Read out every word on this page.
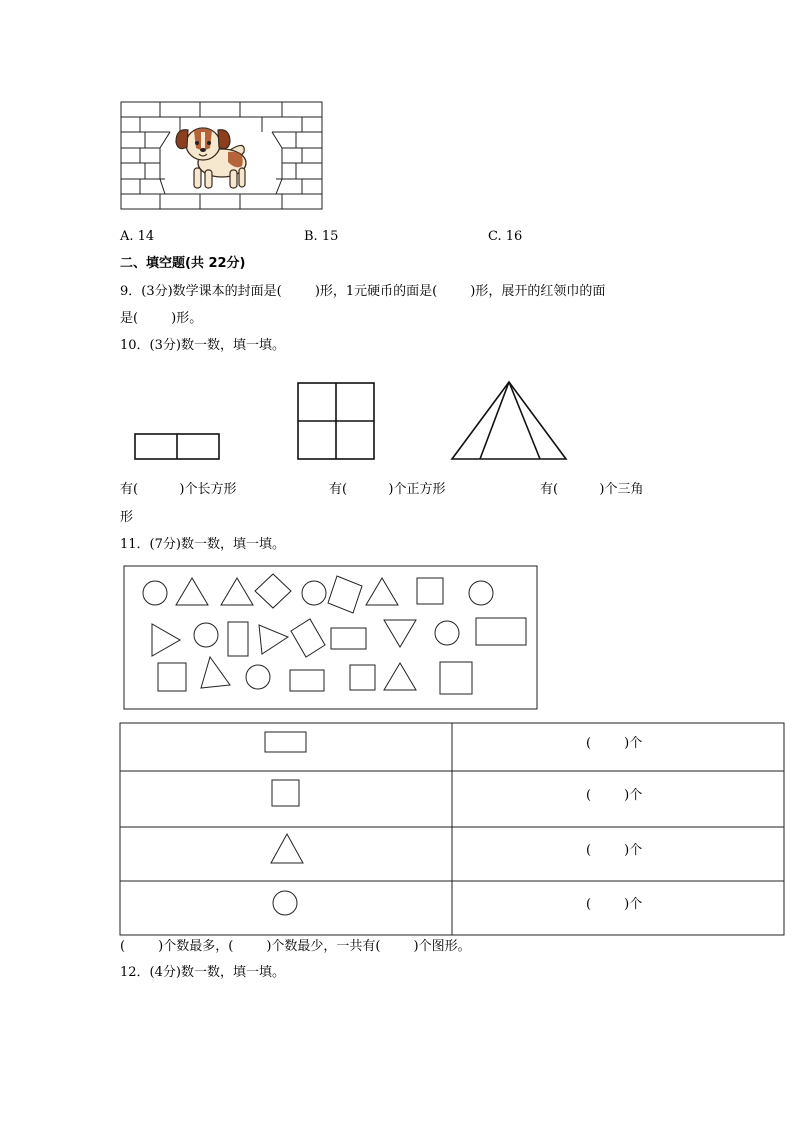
A. 14	B. 15	C. 16
二、填空题(共 22分)
9．(3分)数学课本的封面是(        )形，1元硬币的面是(        )形，展开的红领巾的面
是(        )形。
10．(3分)数一数，填一填。
有(          )个长方形	有(          )个正方形	有(          )个三角
形
11．(7分)数一数，填一填。
(        )个
(        )个
(        )个
(        )个
(        )个数最多，(        )个数最少，一共有(        )个图形。
12．(4分)数一数，填一填。
